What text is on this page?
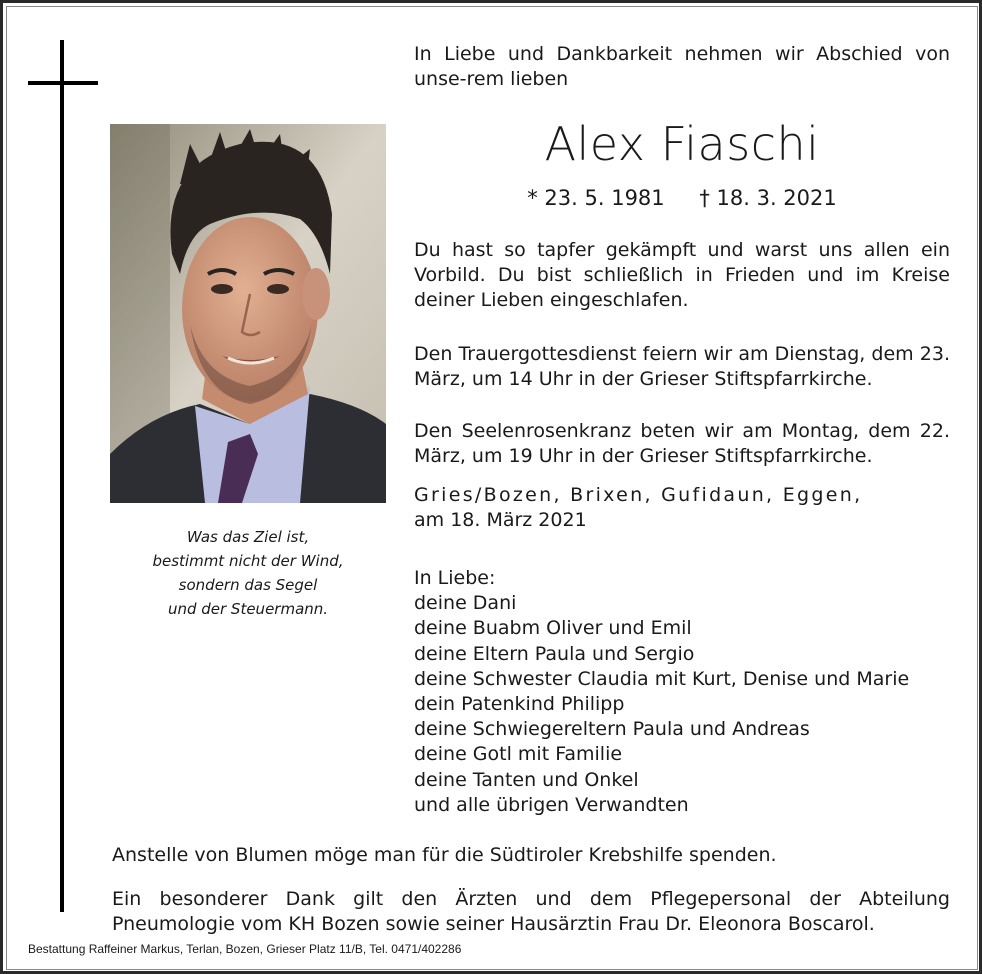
In Liebe und Dankbarkeit nehmen wir Abschied von unse-rem lieben
Alex Fiaschi
* 23. 5. 1981 † 18. 3. 2021
Du hast so tapfer gekämpft und warst uns allen ein Vorbild. Du bist schließlich in Frieden und im Kreise deiner Lieben eingeschlafen.
Den Trauergottesdienst feiern wir am Dienstag, dem 23. März, um 14 Uhr in der Grieser Stiftspfarrkirche.
Den Seelenrosenkranz beten wir am Montag, dem 22. März, um 19 Uhr in der Grieser Stiftspfarrkirche.
Gries/Bozen, Brixen, Gufidaun, Eggen,
am 18. März 2021
Was das Ziel ist,
bestimmt nicht der Wind,
sondern das Segel
und der Steuermann.
In Liebe:
deine Dani
deine Buabm Oliver und Emil
deine Eltern Paula und Sergio
deine Schwester Claudia mit Kurt, Denise und Marie
dein Patenkind Philipp
deine Schwiegereltern Paula und Andreas
deine Gotl mit Familie
deine Tanten und Onkel
und alle übrigen Verwandten
Anstelle von Blumen möge man für die Südtiroler Krebshilfe spenden.
Ein besonderer Dank gilt den Ärzten und dem Pflegepersonal der Abteilung Pneumologie vom KH Bozen sowie seiner Hausärztin Frau Dr. Eleonora Boscarol.
Bestattung Raffeiner Markus, Terlan, Bozen, Grieser Platz 11/B, Tel. 0471/402286
